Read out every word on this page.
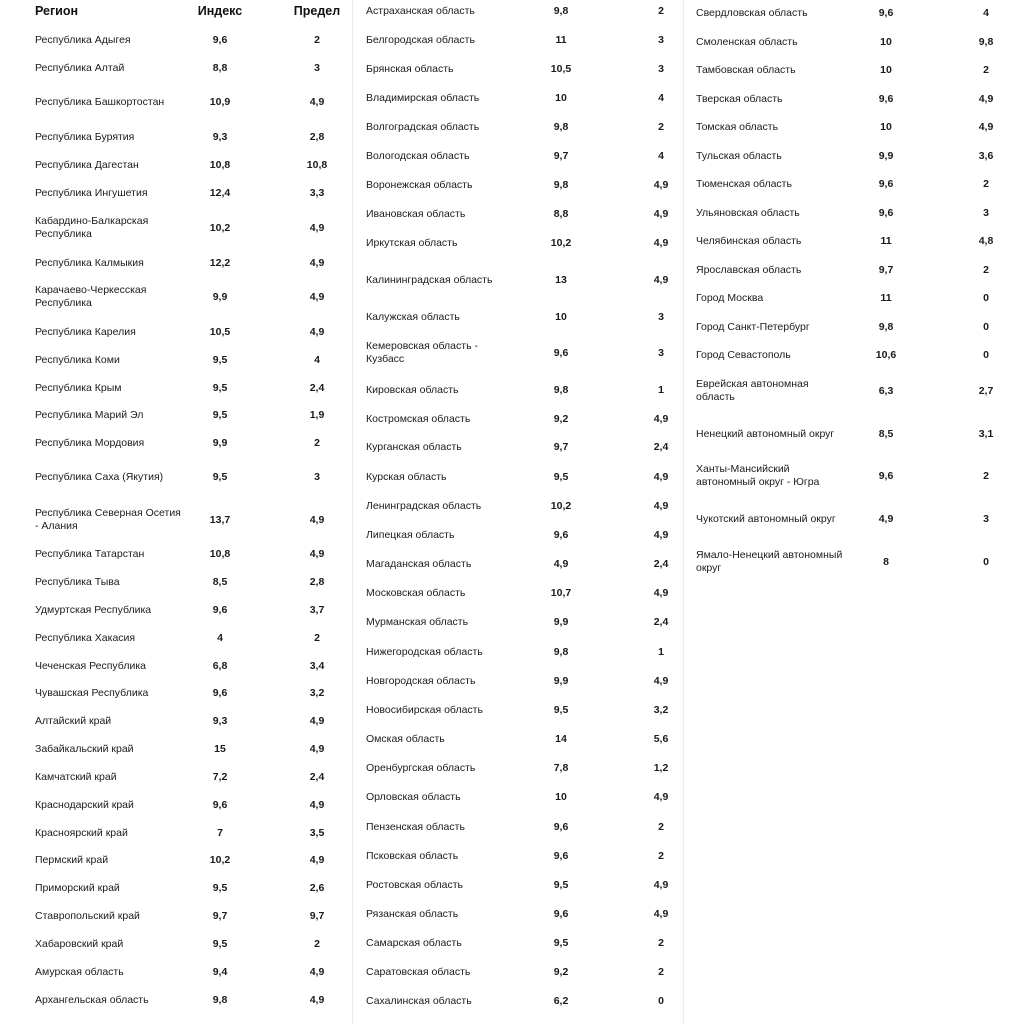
Регион	Индекс	Предел
Республика Адыгея	9,6	2
Республика Алтай	8,8	3
Республика Башкортостан	10,9	4,9
Республика Бурятия	9,3	2,8
Республика Дагестан	10,8	10,8
Республика Ингушетия	12,4	3,3
Кабардино-Балкарская Республика	10,2	4,9
Республика Калмыкия	12,2	4,9
Карачаево-Черкесская Республика	9,9	4,9
Республика Карелия	10,5	4,9
Республика Коми	9,5	4
Республика Крым	9,5	2,4
Республика Марий Эл	9,5	1,9
Республика Мордовия	9,9	2
Республика Саха (Якутия)	9,5	3
Республика Северная Осетия - Алания	13,7	4,9
Республика Татарстан	10,8	4,9
Республика Тыва	8,5	2,8
Удмуртская Республика	9,6	3,7
Республика Хакасия	4	2
Чеченская Республика	6,8	3,4
Чувашская Республика	9,6	3,2
Алтайский край	9,3	4,9
Забайкальский край	15	4,9
Камчатский край	7,2	2,4
Краснодарский край	9,6	4,9
Красноярский край	7	3,5
Пермский край	10,2	4,9
Приморский край	9,5	2,6
Ставропольский край	9,7	9,7
Хабаровский край	9,5	2
Амурская область	9,4	4,9
Архангельская область	9,8	4,9
Астраханская область	9,8	2
Белгородская область	11	3
Брянская область	10,5	3
Владимирская область	10	4
Волгоградская область	9,8	2
Вологодская область	9,7	4
Воронежская область	9,8	4,9
Ивановская область	8,8	4,9
Иркутская область	10,2	4,9
Калининградская область	13	4,9
Калужская область	10	3
Кемеровская область - Кузбасс	9,6	3
Кировская область	9,8	1
Костромская область	9,2	4,9
Курганская область	9,7	2,4
Курская область	9,5	4,9
Ленинградская область	10,2	4,9
Липецкая область	9,6	4,9
Магаданская область	4,9	2,4
Московская область	10,7	4,9
Мурманская область	9,9	2,4
Нижегородская область	9,8	1
Новгородская область	9,9	4,9
Новосибирская область	9,5	3,2
Омская область	14	5,6
Оренбургская область	7,8	1,2
Орловская область	10	4,9
Пензенская область	9,6	2
Псковская область	9,6	2
Ростовская область	9,5	4,9
Рязанская область	9,6	4,9
Самарская область	9,5	2
Саратовская область	9,2	2
Сахалинская область	6,2	0
Свердловская область	9,6	4
Смоленская область	10	9,8
Тамбовская область	10	2
Тверская область	9,6	4,9
Томская область	10	4,9
Тульская область	9,9	3,6
Тюменская область	9,6	2
Ульяновская область	9,6	3
Челябинская область	11	4,8
Ярославская область	9,7	2
Город Москва	11	0
Город Санкт-Петербург	9,8	0
Город Севастополь	10,6	0
Еврейская автономная область	6,3	2,7
Ненецкий автономный округ	8,5	3,1
Ханты-Мансийский автономный округ - Югра	9,6	2
Чукотский автономный округ	4,9	3
Ямало-Ненецкий автономный округ	8	0
